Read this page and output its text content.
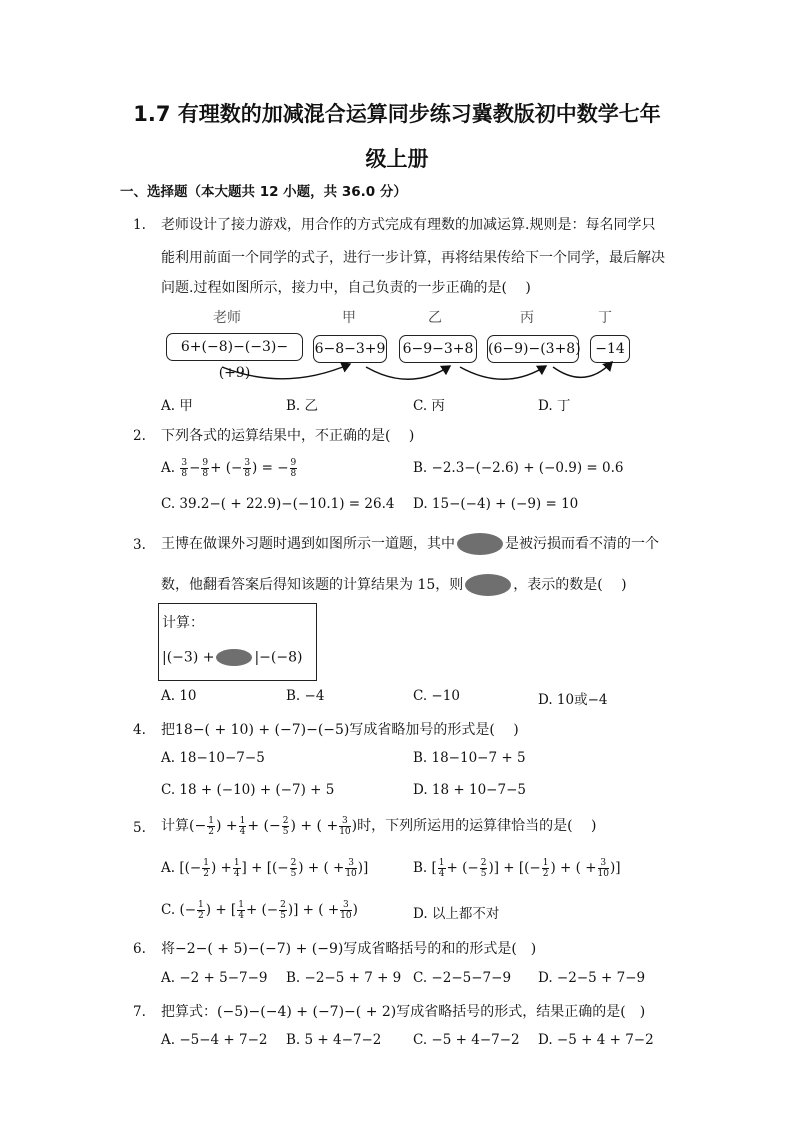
1.7 有理数的加减混合运算同步练习冀教版初中数学七年
级上册
一、选择题（本大题共 12 小题，共 36.0 分）
1. 老师设计了接力游戏，用合作的方式完成有理数的加减运算.规则是：每名同学只
能利用前面一个同学的式子，进行一步计算，再将结果传给下一个同学，最后解决
问题.过程如图所示，接力中，自己负责的一步正确的是(　 )
老师	甲	乙	丙	丁
6+(−8)−(−3)−(+9)
6−8−3+9 6−9−3+8 (6−9)−(3+8)	−14
A. 甲	B. 乙	C. 丙	D. 丁
2. 下列各式的运算结果中，不正确的是(　 )
A. $\frac{3}{8} - \frac{9}{8}$ + (− $\frac{3}{8}$ ) = − $\frac{9}{8}$	B. −2.3−(−2.6) + (−0.9) = 0.6
C. 39.2−( + 22.9)−(−10.1) = 26.4 D. 15−(−4) + (−9) = 10
3. 王博在做课外习题时遇到如图所示一道题，其中	是被污损而看不清的一个
数，他翻看答案后得知该题的计算结果为 15，则	，表示的数是(　 )
计算：
|(−3) +	|−(−8)
A. 10	B. −4	C. −10	D. 10或−4
4. 把18−( + 10) + (−7)−(−5)写成省略加号的形式是(　 )
A. 18−10−7−5	B. 18−10−7 + 5
C. 18 + (−10) + (−7) + 5	D. 18 + 10−7−5
5. 计算(− $\frac{1}{2}$ ) + $\frac{1}{4}$ + (− $\frac{2}{5}$ ) + ( + $\frac{3}{10}$ )时，下列所运用的运算律恰当的是(　 )
A. [(− $\frac{1}{2}$ ) + $\frac{1}{4}$ ] + [(− $\frac{2}{5}$ ) + ( + $\frac{3}{10}$ )]	B. [ $\frac{1}{4}$ + (− $\frac{2}{5}$ )] + [(− $\frac{1}{2}$ ) + ( + $\frac{3}{10}$ )]
C. (− $\frac{1}{2}$ ) + [ $\frac{1}{4}$ + (− $\frac{2}{5}$ )] + ( + $\frac{3}{10}$ )	D. 以上都不对
6. 将−2−( + 5)−(−7) + (−9)写成省略括号的和的形式是(　)
A. −2 + 5−7−9 B. −2−5 + 7 + 9 C. −2−5−7−9 D. −2−5 + 7−9
7. 把算式：(−5)−(−4) + (−7)−( + 2)写成省略括号的形式，结果正确的是(　)
A. −5−4 + 7−2 B. 5 + 4−7−2 C. −5 + 4−7−2 D. −5 + 4 + 7−2
